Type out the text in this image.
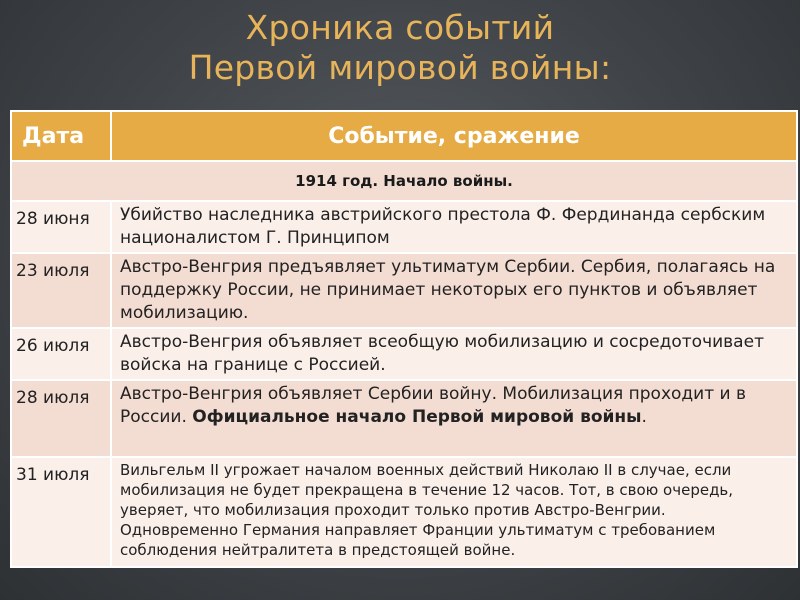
Хроника событий
Первой мировой войны:
Дата	Событие, сражение
1914 год. Начало войны.	
28 июня	Убийство наследника австрийского престола Ф. Фердинанда сербским националистом Г. Принципом
23 июля	Австро-Венгрия предъявляет ультиматум Сербии. Сербия, полагаясь на поддержку России, не принимает некоторых его пунктов и объявляет мобилизацию.
26 июля	Австро-Венгрия объявляет всеобщую мобилизацию и сосредоточивает войска на границе с Россией.
28 июля	Австро-Венгрия объявляет Сербии войну. Мобилизация проходит и в России. Официальное начало Первой мировой войны.
31 июля	Вильгельм II угрожает началом военных действий Николаю II в случае, если мобилизация не будет прекращена в течение 12 часов. Тот, в свою очередь, уверяет, что мобилизация проходит только против Австро-Венгрии. Одновременно Германия направляет Франции ультиматум с требованием соблюдения нейтралитета в предстоящей войне.
